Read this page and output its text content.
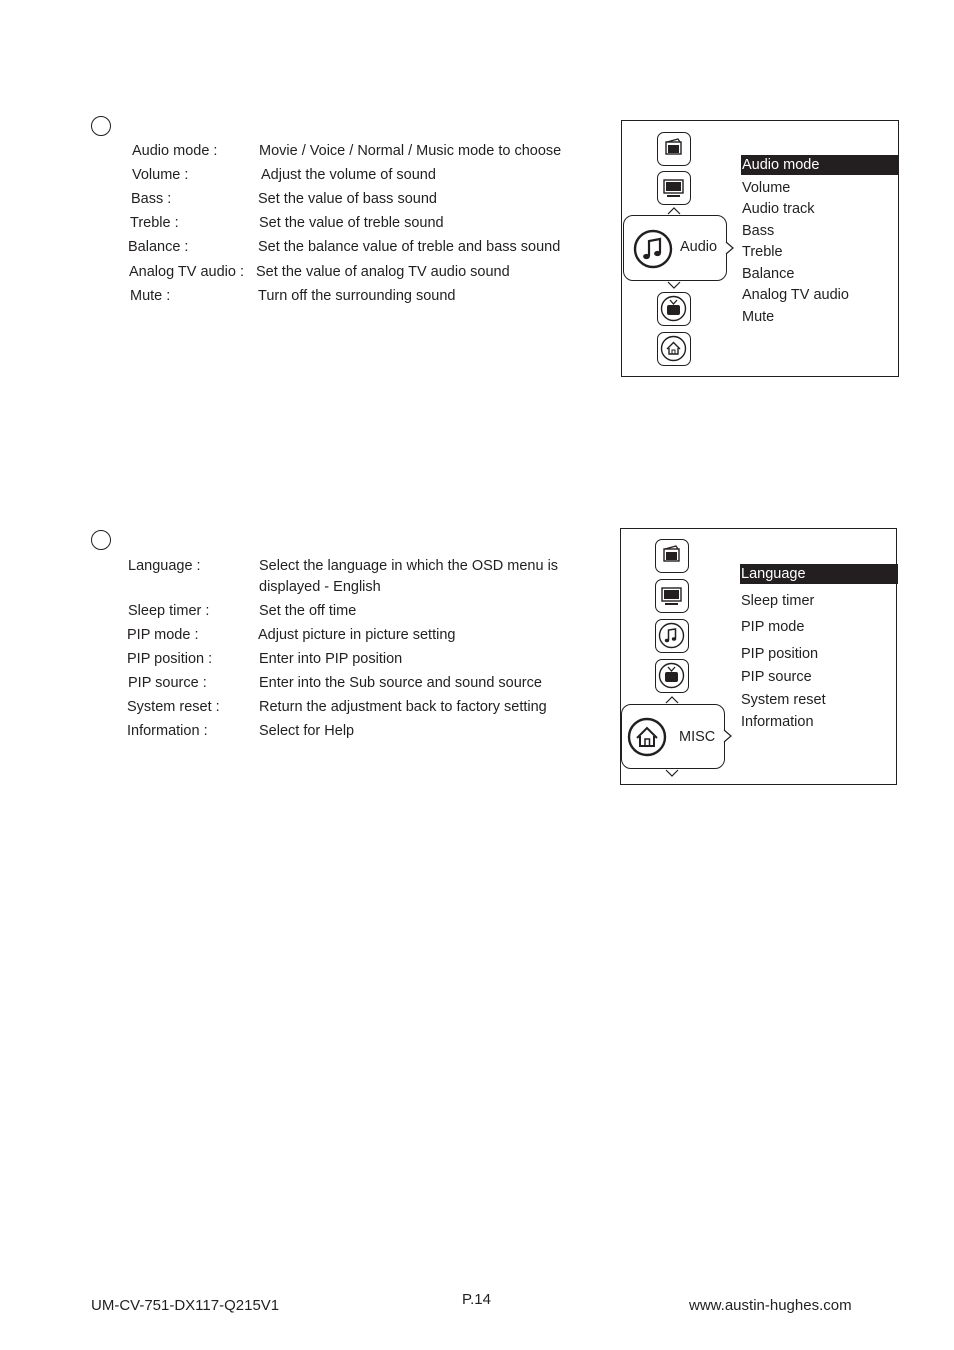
Audio mode :	Movie / Voice / Normal / Music mode to choose
Volume :	Adjust the volume of sound
Bass :	Set the value of bass sound
Treble :	Set the value of treble sound
Balance :	Set the balance value of treble and bass sound
Analog TV audio : Set the value of analog TV audio sound
Mute :	Turn off the surrounding sound
Audio
Audio mode
Volume
Audio track
Bass
Treble
Balance
Analog TV audio
Mute
Language :	Select the language in which the OSD menu is displayed - English
Sleep timer :	Set the off time
PIP mode :	Adjust picture in picture setting
PIP position :	Enter into PIP position
PIP source :	Enter into the Sub source and sound source
System reset :	Return the adjustment back to factory setting
Information :	Select for Help	MISC
Language
Sleep timer
PIP mode
PIP position
PIP source
System reset
Information
UM-CV-751-DX117-Q215V1	P.14	www.austin-hughes.com
